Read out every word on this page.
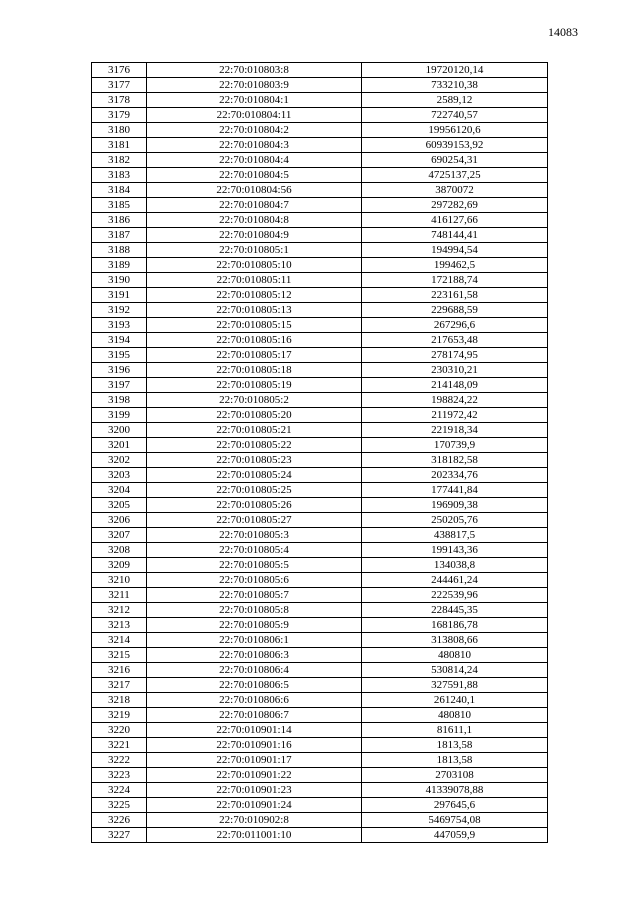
14083
3176	22:70:010803:8	19720120,14
3177	22:70:010803:9	733210,38
3178	22:70:010804:1	2589,12
3179	22:70:010804:11	722740,57
3180	22:70:010804:2	19956120,6
3181	22:70:010804:3	60939153,92
3182	22:70:010804:4	690254,31
3183	22:70:010804:5	4725137,25
3184	22:70:010804:56	3870072
3185	22:70:010804:7	297282,69
3186	22:70:010804:8	416127,66
3187	22:70:010804:9	748144,41
3188	22:70:010805:1	194994,54
3189	22:70:010805:10	199462,5
3190	22:70:010805:11	172188,74
3191	22:70:010805:12	223161,58
3192	22:70:010805:13	229688,59
3193	22:70:010805:15	267296,6
3194	22:70:010805:16	217653,48
3195	22:70:010805:17	278174,95
3196	22:70:010805:18	230310,21
3197	22:70:010805:19	214148,09
3198	22:70:010805:2	198824,22
3199	22:70:010805:20	211972,42
3200	22:70:010805:21	221918,34
3201	22:70:010805:22	170739,9
3202	22:70:010805:23	318182,58
3203	22:70:010805:24	202334,76
3204	22:70:010805:25	177441,84
3205	22:70:010805:26	196909,38
3206	22:70:010805:27	250205,76
3207	22:70:010805:3	438817,5
3208	22:70:010805:4	199143,36
3209	22:70:010805:5	134038,8
3210	22:70:010805:6	244461,24
3211	22:70:010805:7	222539,96
3212	22:70:010805:8	228445,35
3213	22:70:010805:9	168186,78
3214	22:70:010806:1	313808,66
3215	22:70:010806:3	480810
3216	22:70:010806:4	530814,24
3217	22:70:010806:5	327591,88
3218	22:70:010806:6	261240,1
3219	22:70:010806:7	480810
3220	22:70:010901:14	81611,1
3221	22:70:010901:16	1813,58
3222	22:70:010901:17	1813,58
3223	22:70:010901:22	2703108
3224	22:70:010901:23	41339078,88
3225	22:70:010901:24	297645,6
3226	22:70:010902:8	5469754,08
3227	22:70:011001:10	447059,9
